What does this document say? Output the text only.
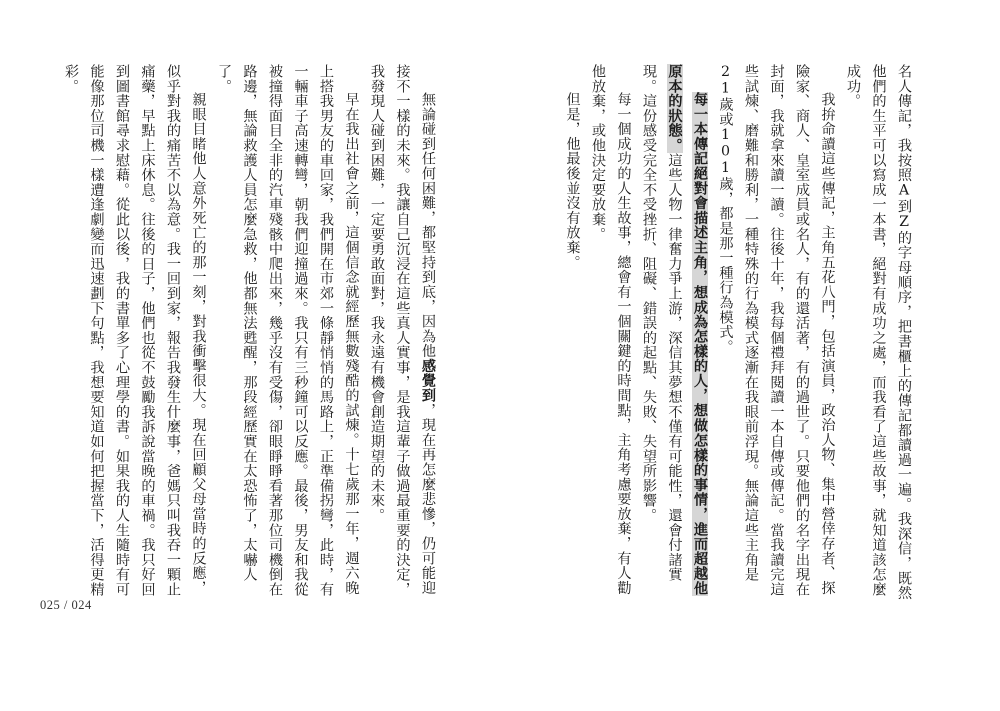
名人傳記，我按照A到Z的字母順序，把書櫃上的傳記都讀過一遍。我深信，既然他們的生平可以寫成一本書，絕對有成功之處，而我看了這些故事，就知道該怎麼成功。

我拚命讀這些傳記，主角五花八門，包括演員，政治人物、集中營倖存者、探險家、商人、皇室成員或名人，有的還活著，有的過世了。只要他們的名字出現在封面，我就拿來讀一讀。往後十年，我每個禮拜閱讀一本自傳或傳記。當我讀完這些試煉、磨難和勝利，一種特殊的行為模式逐漸在我眼前浮現。無論這些主角是21歲或101歲，都是那一種行為模式。

每一本傳記絕對會描述主角，想成為怎樣的人，想做怎樣的事情，進而超越他原本的狀態。這些人物一律奮力爭上游，深信其夢想不僅有可能性，還會付諸實現。這份感受完全不受挫折、阻礙、錯誤的起點、失敗、失望所影響。

每一個成功的人生故事，總會有一個關鍵的時間點，主角考慮要放棄，有人勸他放棄，或他決定要放棄。

但是，他最後並沒有放棄。

無論碰到任何困難，都堅持到底，因為他感覺到，現在再怎麼悲慘，仍可能迎接不一樣的未來。我讓自己沉浸在這些真人實事，是我這輩子做過最重要的決定，我發現人碰到困難，一定要勇敢面對，我永遠有機會創造期望的未來。

早在我出社會之前，這個信念就經歷無數殘酷的試煉。十七歲那一年，週六晚上搭我男友的車回家，我們開在市郊一條靜悄悄的馬路上，正準備拐彎，此時，有一輛車子高速轉彎，朝我們迎撞過來。我只有三秒鐘可以反應。最後，男友和我從被撞得面目全非的汽車殘骸中爬出來，幾乎沒有受傷，卻眼睜睜看著那位司機倒在路邊，無論救護人員怎麼急救，他都無法甦醒，那段經歷實在太恐怖了，太嚇人了。

親眼目睹他人意外死亡的那一刻，對我衝擊很大。現在回顧父母當時的反應，似乎對我的痛苦不以為意。我一回到家，報告我發生什麼事，爸媽只叫我吞一顆止痛藥，早點上床休息。往後的日子，他們也從不鼓勵我訴說當晚的車禍。我只好回到圖書館尋求慰藉。從此以後，我的書單多了心理學的書。如果我的人生隨時有可能像那位司機一樣遭逢劇變而迅速劃下句點，我想要知道如何把握當下，活得更精彩。

025 / 024
